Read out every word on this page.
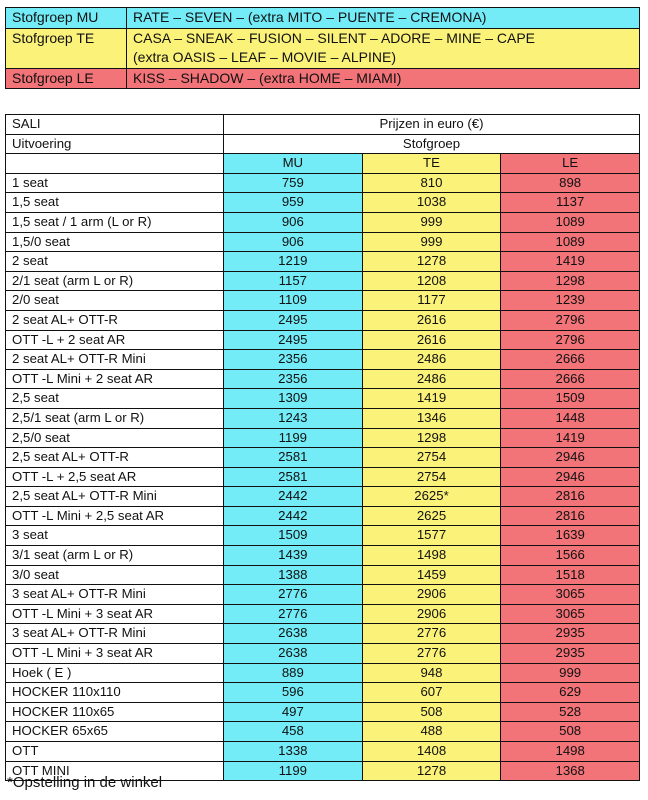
Stofgroep MU	RATE – SEVEN – (extra MITO – PUENTE – CREMONA)

Stofgroep TE	CASA – SNEAK – FUSION – SILENT – ADORE – MINE – CAPE
(extra OASIS – LEAF – MOVIE – ALPINE)

Stofgroep LE	KISS – SHADOW – (extra HOME – MIAMI)
SALI	Prijzen in euro (€)		
Uitvoering	Stofgroep		
	MU	TE	LE
1 seat	759	810	898
1,5 seat	959	1038	1137
1,5 seat / 1 arm (L or R)	906	999	1089
1,5/0 seat	906	999	1089
2 seat	1219	1278	1419
2/1 seat (arm L or R)	1157	1208	1298
2/0 seat	1109	1177	1239
2 seat AL+ OTT-R	2495	2616	2796
OTT -L + 2 seat AR	2495	2616	2796
2 seat AL+ OTT-R Mini	2356	2486	2666
OTT -L Mini + 2 seat AR	2356	2486	2666
2,5 seat	1309	1419	1509
2,5/1 seat (arm L or R)	1243	1346	1448
2,5/0 seat	1199	1298	1419
2,5 seat AL+ OTT-R	2581	2754	2946
OTT -L + 2,5 seat AR	2581	2754	2946
2,5 seat AL+ OTT-R Mini	2442	2625*	2816
OTT -L Mini + 2,5 seat AR	2442	2625	2816
3 seat	1509	1577	1639
3/1 seat (arm L or R)	1439	1498	1566
3/0 seat	1388	1459	1518
3 seat AL+ OTT-R Mini	2776	2906	3065
OTT -L Mini + 3 seat AR	2776	2906	3065
3 seat AL+ OTT-R Mini	2638	2776	2935
OTT -L Mini + 3 seat AR	2638	2776	2935
Hoek ( E )	889	948	999
HOCKER 110x110	596	607	629
HOCKER 110x65	497	508	528
HOCKER 65x65	458	488	508
OTT	1338	1408	1498
OTT MINI	1199	1278	1368
*Opstelling in de winkel
